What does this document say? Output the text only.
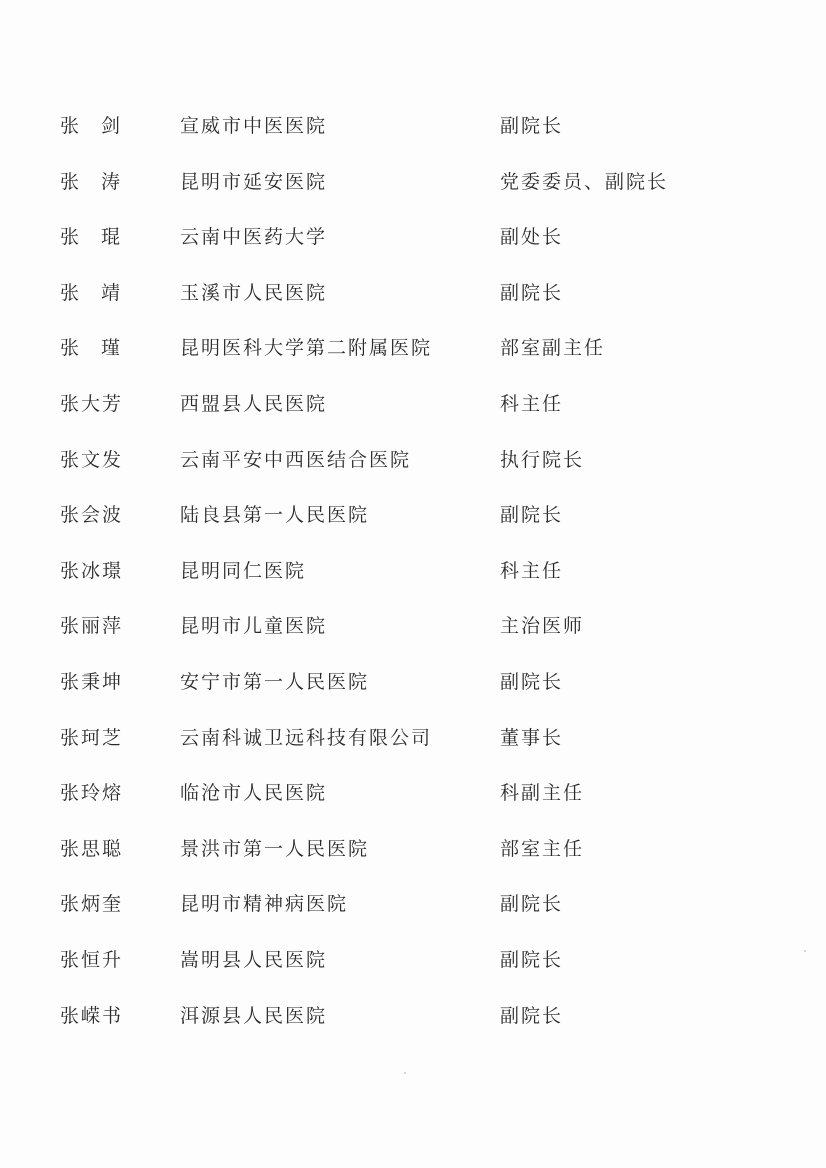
张剑	宣威市中医医院	副院长
张涛	昆明市延安医院	党委委员、副院长
张琨	云南中医药大学	副处长
张靖	玉溪市人民医院	副院长
张瑾	昆明医科大学第二附属医院	部室副主任
张大芳	西盟县人民医院	科主任
张文发	云南平安中西医结合医院	执行院长
张会波	陆良县第一人民医院	副院长
张冰璟	昆明同仁医院	科主任
张丽萍	昆明市儿童医院	主治医师
张秉坤	安宁市第一人民医院	副院长
张珂芝	云南科诚卫远科技有限公司	董事长
张玲熔	临沧市人民医院	科副主任
张思聪	景洪市第一人民医院	部室主任
张炳奎	昆明市精神病医院	副院长
张恒升	嵩明县人民医院	副院长
张嵘书	洱源县人民医院	副院长
